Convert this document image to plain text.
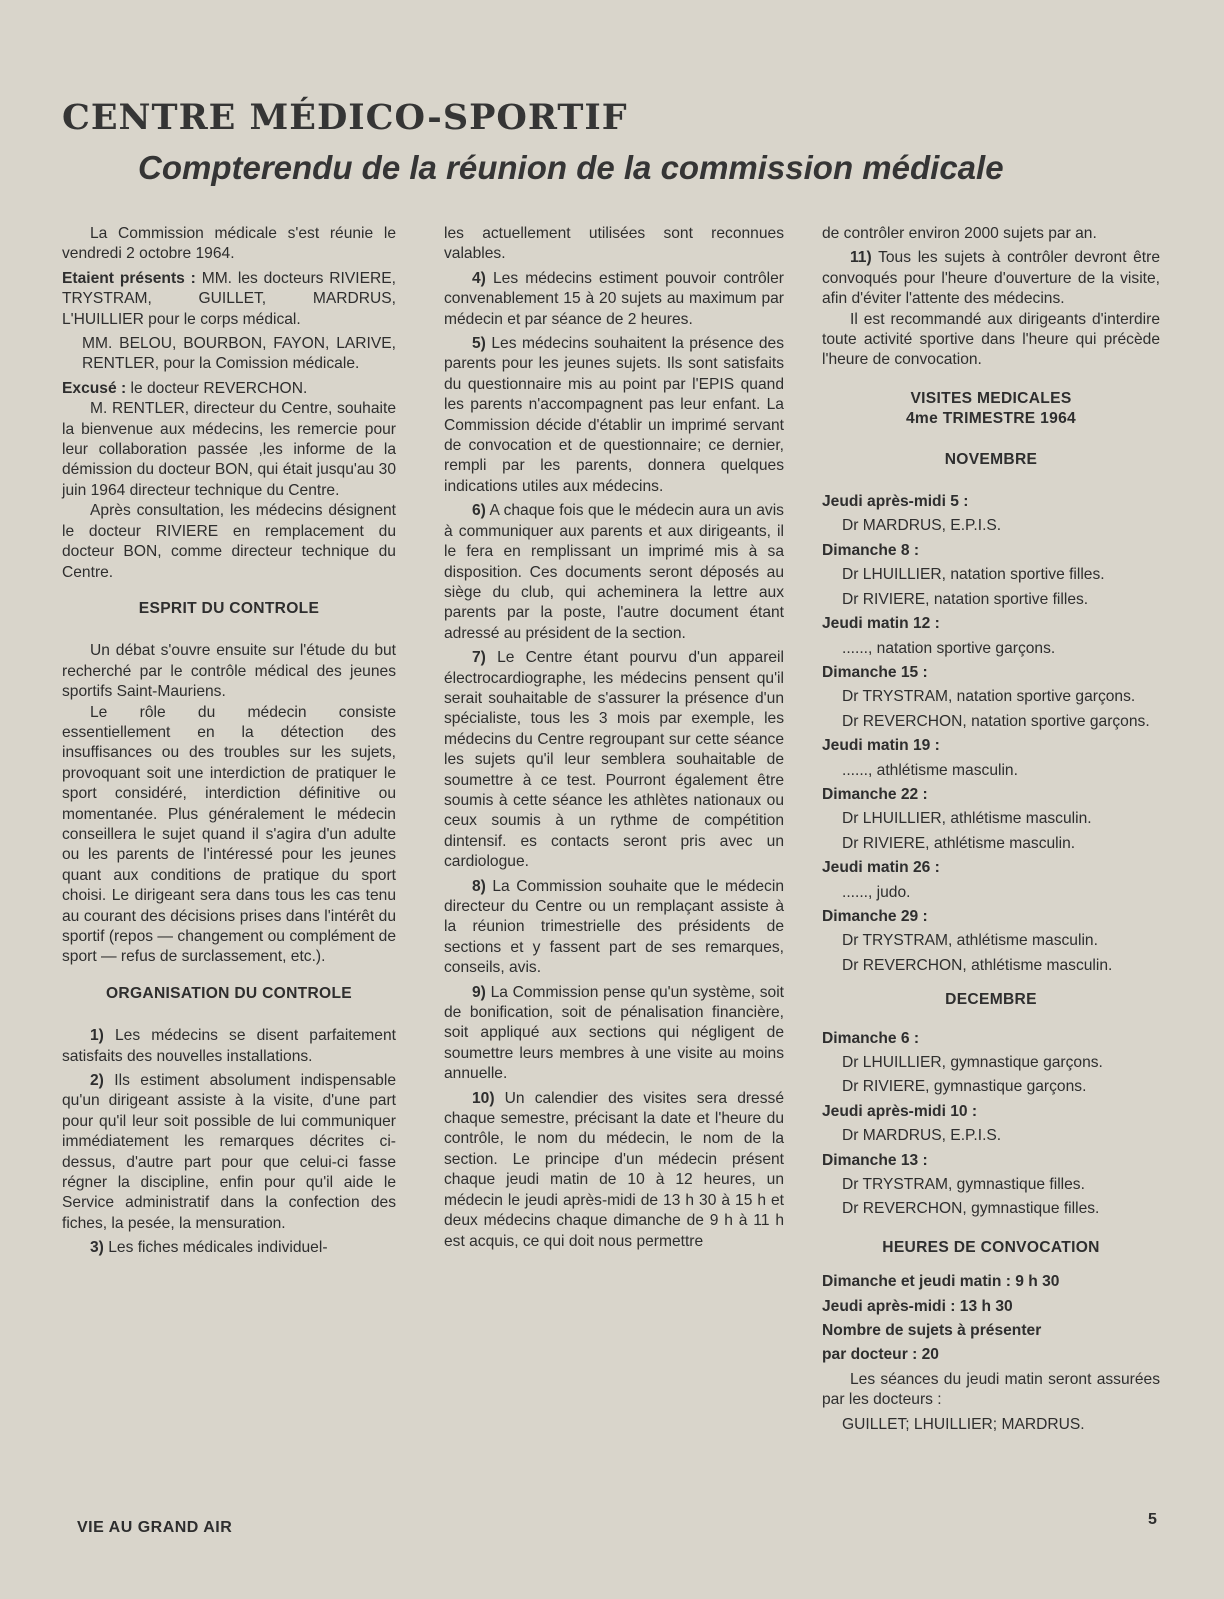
CENTRE MÉDICO-SPORTIF
Compterendu de la réunion de la commission médicale

La Commission médicale s'est réunie le vendredi 2 octobre 1964.

Etaient présents : MM. les docteurs RIVIERE, TRYSTRAM, GUILLET, MARDRUS, L'HUILLIER pour le corps médical.

MM. BELOU, BOURBON, FAYON, LARIVE, RENTLER, pour la Comission médicale.

Excusé : le docteur REVERCHON.

M. RENTLER, directeur du Centre, souhaite la bienvenue aux médecins, les remercie pour leur collaboration passée ,les informe de la démission du docteur BON, qui était jusqu'au 30 juin 1964 directeur technique du Centre.

Après consultation, les médecins désignent le docteur RIVIERE en remplacement du docteur BON, comme directeur technique du Centre.

ESPRIT DU CONTROLE

Un débat s'ouvre ensuite sur l'étude du but recherché par le contrôle médical des jeunes sportifs Saint-Mauriens.

Le rôle du médecin consiste essentiellement en la détection des insuffisances ou des troubles sur les sujets, provoquant soit une interdiction de pratiquer le sport considéré, interdiction définitive ou momentanée. Plus généralement le médecin conseillera le sujet quand il s'agira d'un adulte ou les parents de l'intéressé pour les jeunes quant aux conditions de pratique du sport choisi. Le dirigeant sera dans tous les cas tenu au courant des décisions prises dans l'intérêt du sportif (repos — changement ou complément de sport — refus de surclassement, etc.).

ORGANISATION DU CONTROLE

1) Les médecins se disent parfaitement satisfaits des nouvelles installations.

2) Ils estiment absolument indispensable qu'un dirigeant assiste à la visite, d'une part pour qu'il leur soit possible de lui communiquer immédiatement les remarques décrites ci-dessus, d'autre part pour que celui-ci fasse régner la discipline, enfin pour qu'il aide le Service administratif dans la confection des fiches, la pesée, la mensuration.

3) Les fiches médicales individuel-

les actuellement utilisées sont reconnues valables.

4) Les médecins estiment pouvoir contrôler convenablement 15 à 20 sujets au maximum par médecin et par séance de 2 heures.

5) Les médecins souhaitent la présence des parents pour les jeunes sujets. Ils sont satisfaits du questionnaire mis au point par l'EPIS quand les parents n'accompagnent pas leur enfant. La Commission décide d'établir un imprimé servant de convocation et de questionnaire; ce dernier, rempli par les parents, donnera quelques indications utiles aux médecins.

6) A chaque fois que le médecin aura un avis à communiquer aux parents et aux dirigeants, il le fera en remplissant un imprimé mis à sa disposition. Ces documents seront déposés au siège du club, qui acheminera la lettre aux parents par la poste, l'autre document étant adressé au président de la section.

7) Le Centre étant pourvu d'un appareil électrocardiographe, les médecins pensent qu'il serait souhaitable de s'assurer la présence d'un spécialiste, tous les 3 mois par exemple, les médecins du Centre regroupant sur cette séance les sujets qu'il leur semblera souhaitable de soumettre à ce test. Pourront également être soumis à cette séance les athlètes nationaux ou ceux soumis à un rythme de compétition dintensif. es contacts seront pris avec un cardiologue.

8) La Commission souhaite que le médecin directeur du Centre ou un remplaçant assiste à la réunion trimestrielle des présidents de sections et y fassent part de ses remarques, conseils, avis.

9) La Commission pense qu'un système, soit de bonification, soit de pénalisation financière, soit appliqué aux sections qui négligent de soumettre leurs membres à une visite au moins annuelle.

10) Un calendier des visites sera dressé chaque semestre, précisant la date et l'heure du contrôle, le nom du médecin, le nom de la section. Le principe d'un médecin présent chaque jeudi matin de 10 à 12 heures, un médecin le jeudi après-midi de 13 h 30 à 15 h et deux médecins chaque dimanche de 9 h à 11 h est acquis, ce qui doit nous permettre

de contrôler environ 2000 sujets par an.

11) Tous les sujets à contrôler devront être convoqués pour l'heure d'ouverture de la visite, afin d'éviter l'attente des médecins.

Il est recommandé aux dirigeants d'interdire toute activité sportive dans l'heure qui précède l'heure de convocation.

VISITES MEDICALES
4me TRIMESTRE 1964
NOVEMBRE

Jeudi après-midi 5 :

Dr MARDRUS, E.P.I.S.

Dimanche 8 :

Dr LHUILLIER, natation sportive filles.

Dr RIVIERE, natation sportive filles.

Jeudi matin 12 :

......, natation sportive garçons.

Dimanche 15 :

Dr TRYSTRAM, natation sportive garçons.

Dr REVERCHON, natation sportive garçons.

Jeudi matin 19 :

......, athlétisme masculin.

Dimanche 22 :

Dr LHUILLIER, athlétisme masculin.

Dr RIVIERE, athlétisme masculin.

Jeudi matin 26 :

......, judo.

Dimanche 29 :

Dr TRYSTRAM, athlétisme masculin.

Dr REVERCHON, athlétisme masculin.

DECEMBRE

Dimanche 6 :

Dr LHUILLIER, gymnastique garçons.

Dr RIVIERE, gymnastique garçons.

Jeudi après-midi 10 :

Dr MARDRUS, E.P.I.S.

Dimanche 13 :

Dr TRYSTRAM, gymnastique filles.

Dr REVERCHON, gymnastique filles.

HEURES DE CONVOCATION

Dimanche et jeudi matin : 9 h 30

Jeudi après-midi : 13 h 30

Nombre de sujets à présenter

par docteur : 20

Les séances du jeudi matin seront assurées par les docteurs :

GUILLET; LHUILLIER; MARDRUS.

VIE AU GRAND AIR	5
